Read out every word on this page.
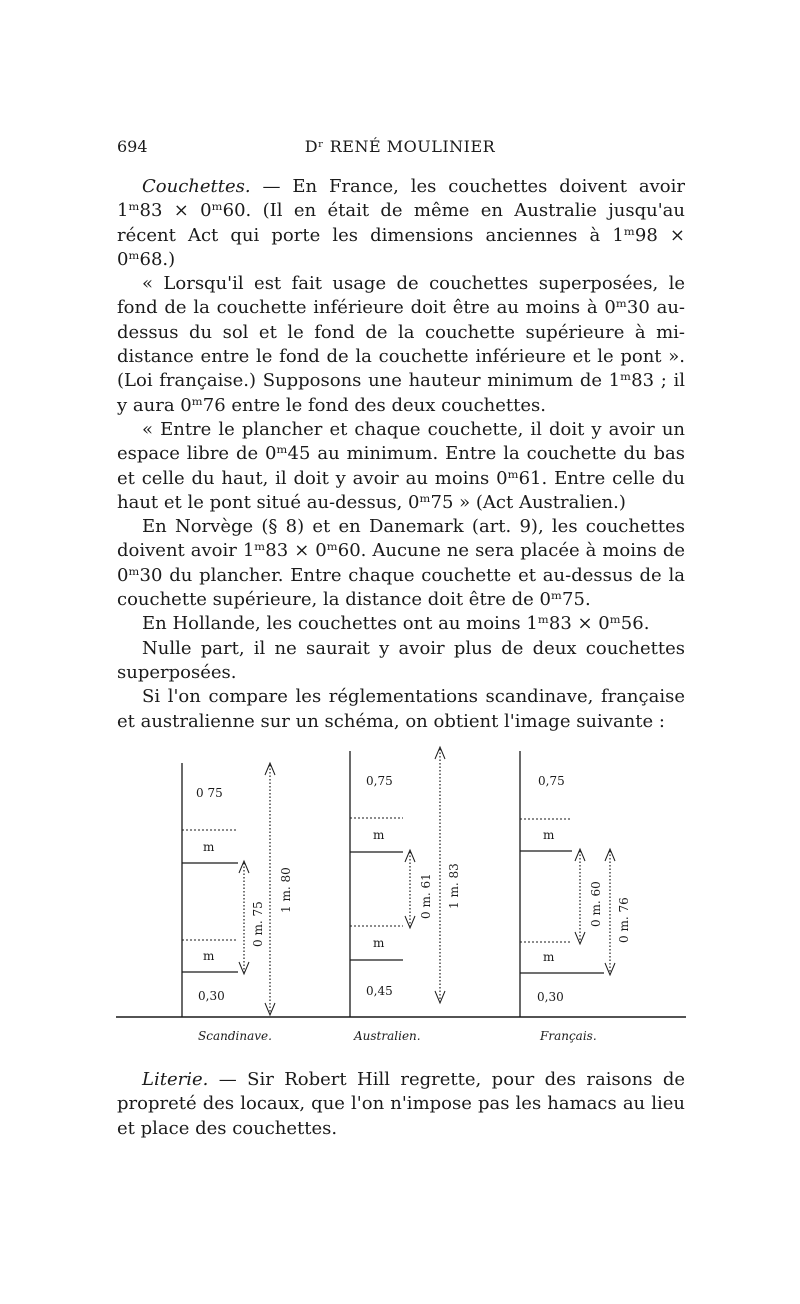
694	Dʳ RENÉ MOULINIER

Couchettes. — En France, les couchettes doivent avoir 1ᵐ83 × 0ᵐ60. (Il en était de même en Australie jusqu'au récent Act qui porte les dimensions anciennes à 1ᵐ98 × 0ᵐ68.)

« Lorsqu'il est fait usage de couchettes superposées, le fond de la couchette inférieure doit être au moins à 0ᵐ30 au-dessus du sol et le fond de la couchette supérieure à mi-distance entre le fond de la couchette inférieure et le pont ». (Loi française.) Supposons une hauteur minimum de 1ᵐ83 ; il y aura 0ᵐ76 entre le fond des deux couchettes.

« Entre le plancher et chaque couchette, il doit y avoir un espace libre de 0ᵐ45 au minimum. Entre la couchette du bas et celle du haut, il doit y avoir au moins 0ᵐ61. Entre celle du haut et le pont situé au-dessus, 0ᵐ75 » (Act Australien.)

En Norvège (§ 8) et en Danemark (art. 9), les couchettes doivent avoir 1ᵐ83 × 0ᵐ60. Aucune ne sera placée à moins de 0ᵐ30 du plancher. Entre chaque couchette et au-dessus de la couchette supérieure, la distance doit être de 0ᵐ75.

En Hollande, les couchettes ont au moins 1ᵐ83 × 0ᵐ56.

Nulle part, il ne saurait y avoir plus de deux couchettes superposées.

Si l'on compare les réglementations scandinave, française et australienne sur un schéma, on obtient l'image suivante :

0 75
m
m
0,30
0 m. 75
1 m. 80
Scandinave.
0,75
m
m
0,45
0 m. 61 1 m. 83
Australien.
0,75
m
m
0,30
0 m. 60 0 m. 76
Français.

Literie. — Sir Robert Hill regrette, pour des raisons de propreté des locaux, que l'on n'impose pas les hamacs au lieu et place des couchettes.
